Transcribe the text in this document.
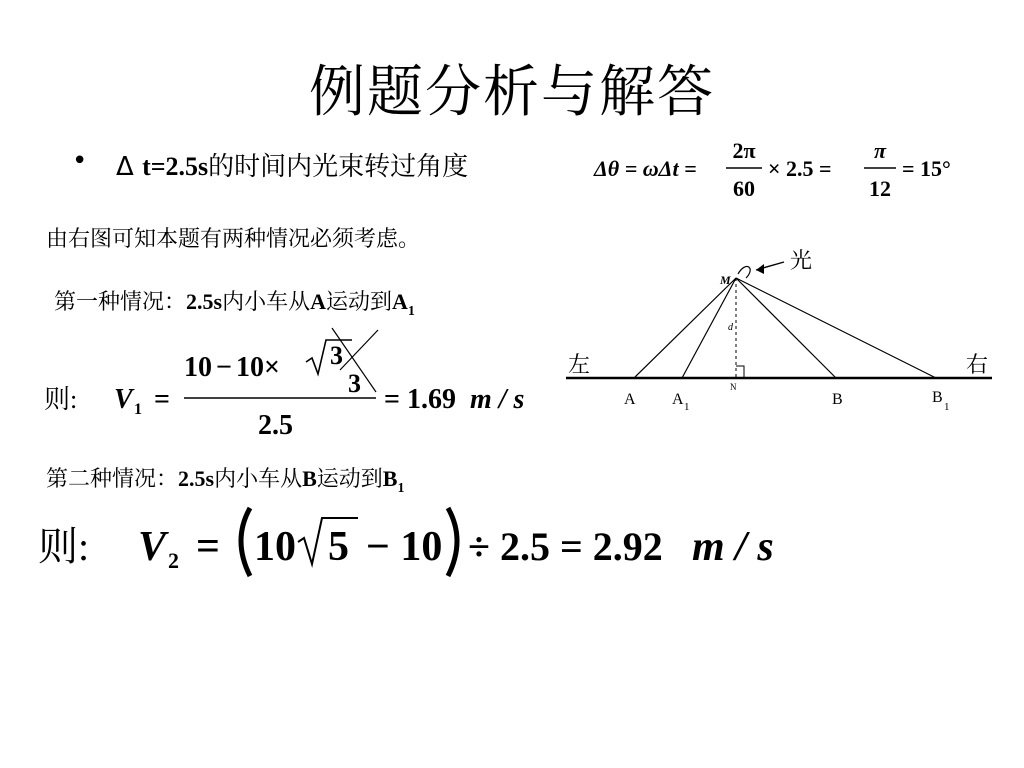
例题分析与解答
• Δ t=2.5s的时间内光束转过角度	Δθ = ωΔt =
2π
60
× 2.5 =
π
12
= 15°
由右图可知本题有两种情况必须考虑。
第一种情况：2.5s内小车从A运动到$A_1$
则: V 1 =
10 − 10× 3
3
2.5
= 1.69 m / s
第二种情况：2.5s内小车从B运动到$B_1$
则: V 2 = 10 5 − 10 ÷ 2.5 = 2.92 m / s
M
d
N
光
左	右
A A 1	B	B
1
